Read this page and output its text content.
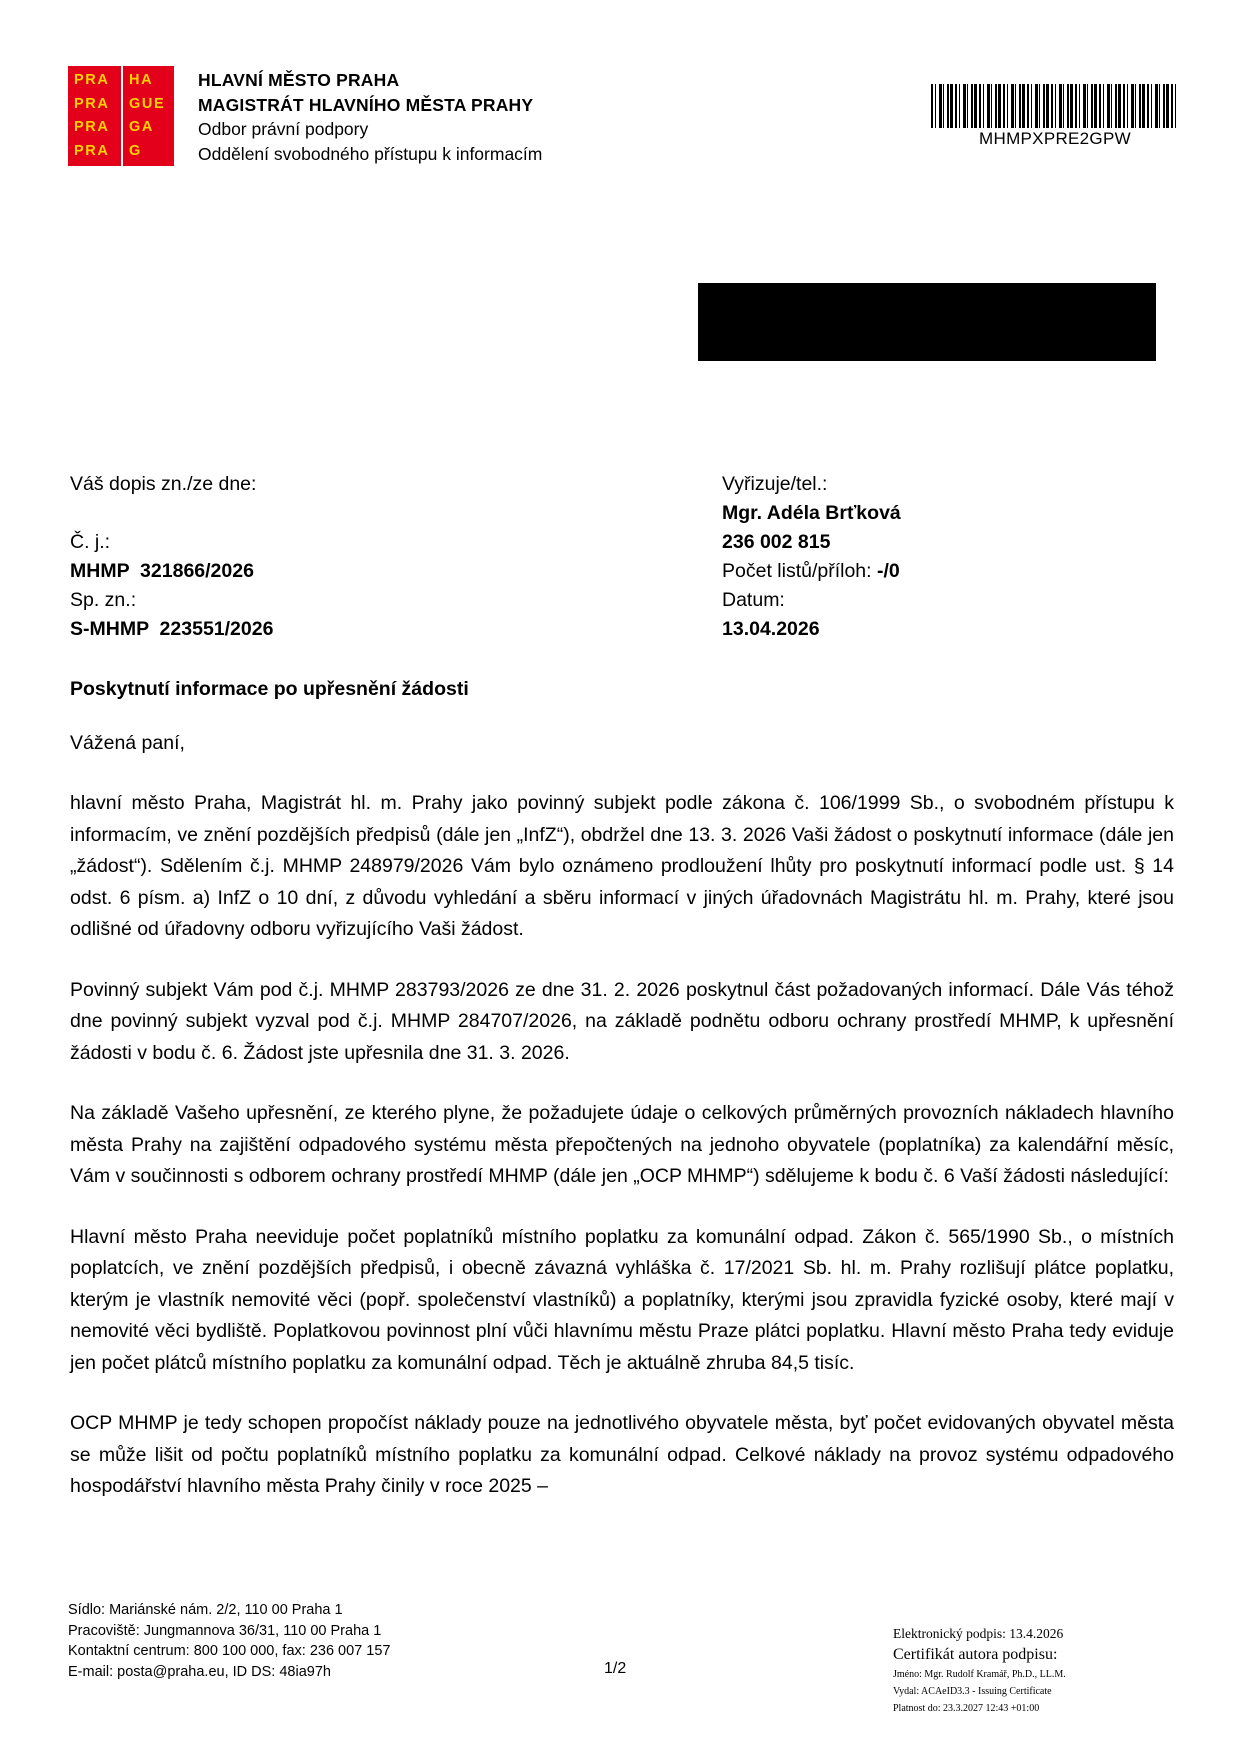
PRA
PRA
PRA
PRA
HA
GUE
GA
G
HLAVNÍ MĚSTO PRAHA
MAGISTRÁT HLAVNÍHO MĚSTA PRAHY
Odbor právní podpory
Oddělení svobodného přístupu k informacím
MHMPXPRE2GPW
Váš dopis zn./ze dne:
Č. j.:
MHMP  321866/2026
Sp. zn.:
S-MHMP  223551/2026
Vyřizuje/tel.:
Mgr. Adéla Brťková
236 002 815
Počet listů/příloh: -/0
Datum:
13.04.2026
Poskytnutí informace po upřesnění žádosti
Vážená paní,

hlavní město Praha, Magistrát hl. m. Prahy jako povinný subjekt podle zákona č. 106/1999 Sb., o svobodném přístupu k informacím, ve znění pozdějších předpisů (dále jen „InfZ“), obdržel dne 13. 3. 2026 Vaši žádost o poskytnutí informace (dále jen „žádost“). Sdělením č.j. MHMP 248979/2026 Vám bylo oznámeno prodloužení lhůty pro poskytnutí informací podle ust. § 14 odst. 6 písm. a) InfZ o 10 dní, z důvodu vyhledání a sběru informací v jiných úřadovnách Magistrátu hl. m. Prahy, které jsou odlišné od úřadovny odboru vyřizujícího Vaši žádost.

Povinný subjekt Vám pod č.j. MHMP 283793/2026 ze dne 31. 2. 2026 poskytnul část požadovaných informací. Dále Vás téhož dne povinný subjekt vyzval pod č.j. MHMP 284707/2026, na základě podnětu odboru ochrany prostředí MHMP, k upřesnění žádosti v bodu č. 6. Žádost jste upřesnila dne 31. 3. 2026.

Na základě Vašeho upřesnění, ze kterého plyne, že požadujete údaje o celkových průměrných provozních nákladech hlavního města Prahy na zajištění odpadového systému města přepočtených na jednoho obyvatele (poplatníka) za kalendářní měsíc, Vám v součinnosti s odborem ochrany prostředí MHMP (dále jen „OCP MHMP“) sdělujeme k bodu č. 6 Vaší žádosti následující:

Hlavní město Praha neeviduje počet poplatníků místního poplatku za komunální odpad. Zákon č. 565/1990 Sb., o místních poplatcích, ve znění pozdějších předpisů, i obecně závazná vyhláška č. 17/2021 Sb. hl. m. Prahy rozlišují plátce poplatku, kterým je vlastník nemovité věci (popř. společenství vlastníků) a poplatníky, kterými jsou zpravidla fyzické osoby, které mají v nemovité věci bydliště. Poplatkovou povinnost plní vůči hlavnímu městu Praze plátci poplatku. Hlavní město Praha tedy eviduje jen počet plátců místního poplatku za komunální odpad. Těch je aktuálně zhruba 84,5 tisíc.

OCP MHMP je tedy schopen propočíst náklady pouze na jednotlivého obyvatele města, byť počet evidovaných obyvatel města se může lišit od počtu poplatníků místního poplatku za komunální odpad. Celkové náklady na provoz systému odpadového hospodářství hlavního města Prahy činily v roce 2025 –

Sídlo: Mariánské nám. 2/2, 110 00 Praha 1
Pracoviště: Jungmannova 36/31, 110 00 Praha 1
Kontaktní centrum: 800 100 000, fax: 236 007 157
E-mail: posta@praha.eu, ID DS: 48ia97h	1/2
Elektronický podpis: 13.4.2026
Certifikát autora podpisu:
Jméno: Mgr. Rudolf Kramář, Ph.D., LL.M.
Vydal: ACAeID3.3 - Issuing Certificate
Platnost do: 23.3.2027 12:43 +01:00
